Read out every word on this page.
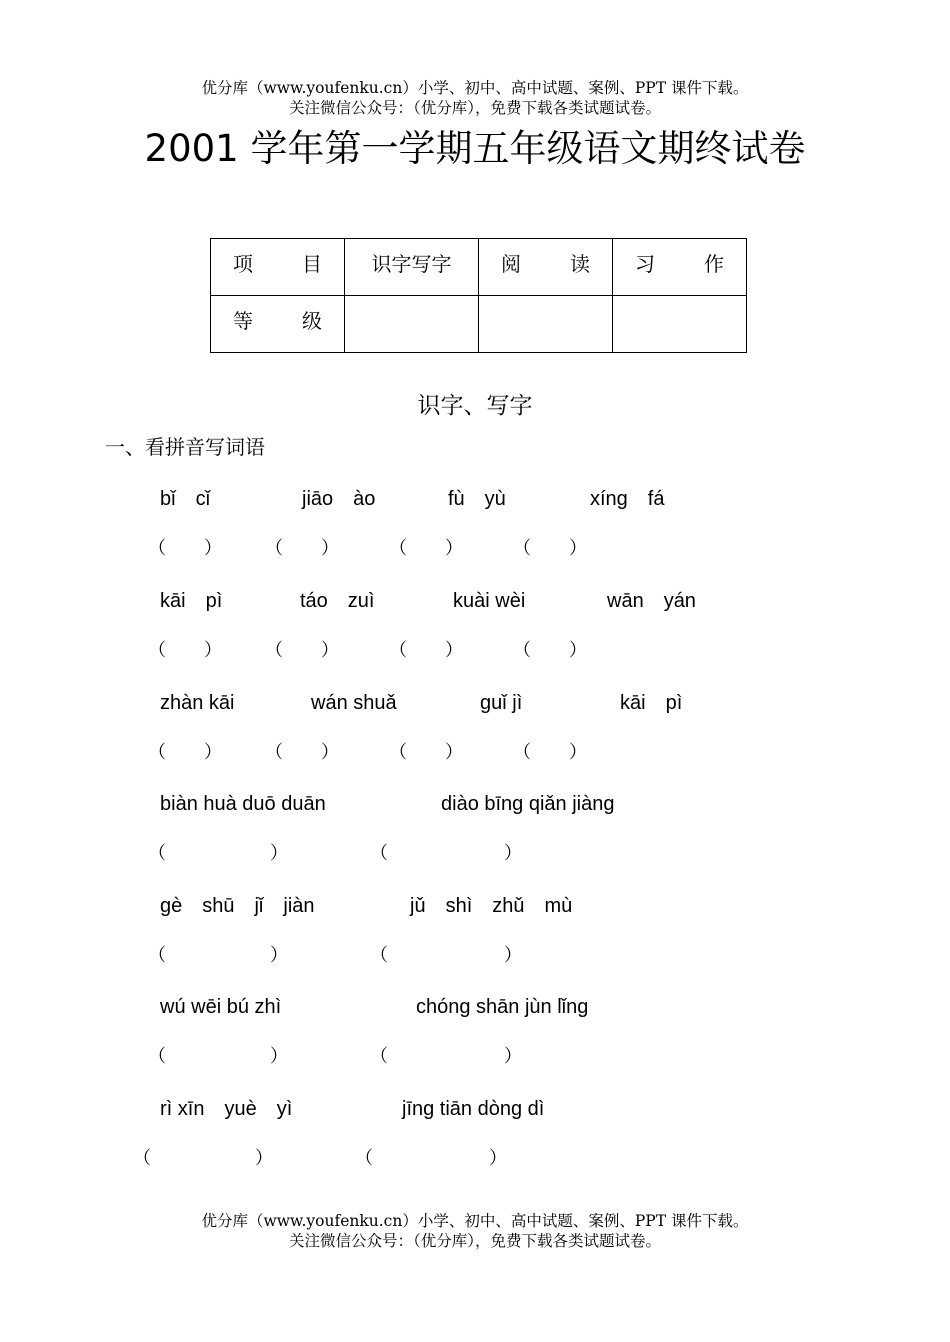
优分库（www.youfenku.cn）小学、初中、高中试题、案例、PPT 课件下载。
关注微信公众号：（优分库），免费下载各类试题试卷。
2001 学年第一学期五年级语文期终试卷
项 目	识字写字	阅 读	习 作

等 级			

识字、写字
一、看拼音写词语
bǐ　cǐ	jiāo　ào	fù　yù	xíng　fá
（ ） （ ）	（ ）	（ ）
kāi　pì	táo　zuì	kuài wèi	wān　yán
（ ） （ ）	（ ）	（ ）
zhàn kāi	wán shuǎ	guǐ jì	kāi　pì
（ ） （ ）	（ ）	（ ）
biàn huà duō duān	diào bīng qiǎn jiàng
（	）	（	）
gè　shū　jǐ　jiàn	jǔ　shì　zhǔ　mù
（	）	（	）
wú wēi bú zhì	chóng shān jùn lǐng
（	）	（	）
rì xīn　yuè　yì	jīng tiān dòng dì
（	）	（	）
优分库（www.youfenku.cn）小学、初中、高中试题、案例、PPT 课件下载。
关注微信公众号：（优分库），免费下载各类试题试卷。
